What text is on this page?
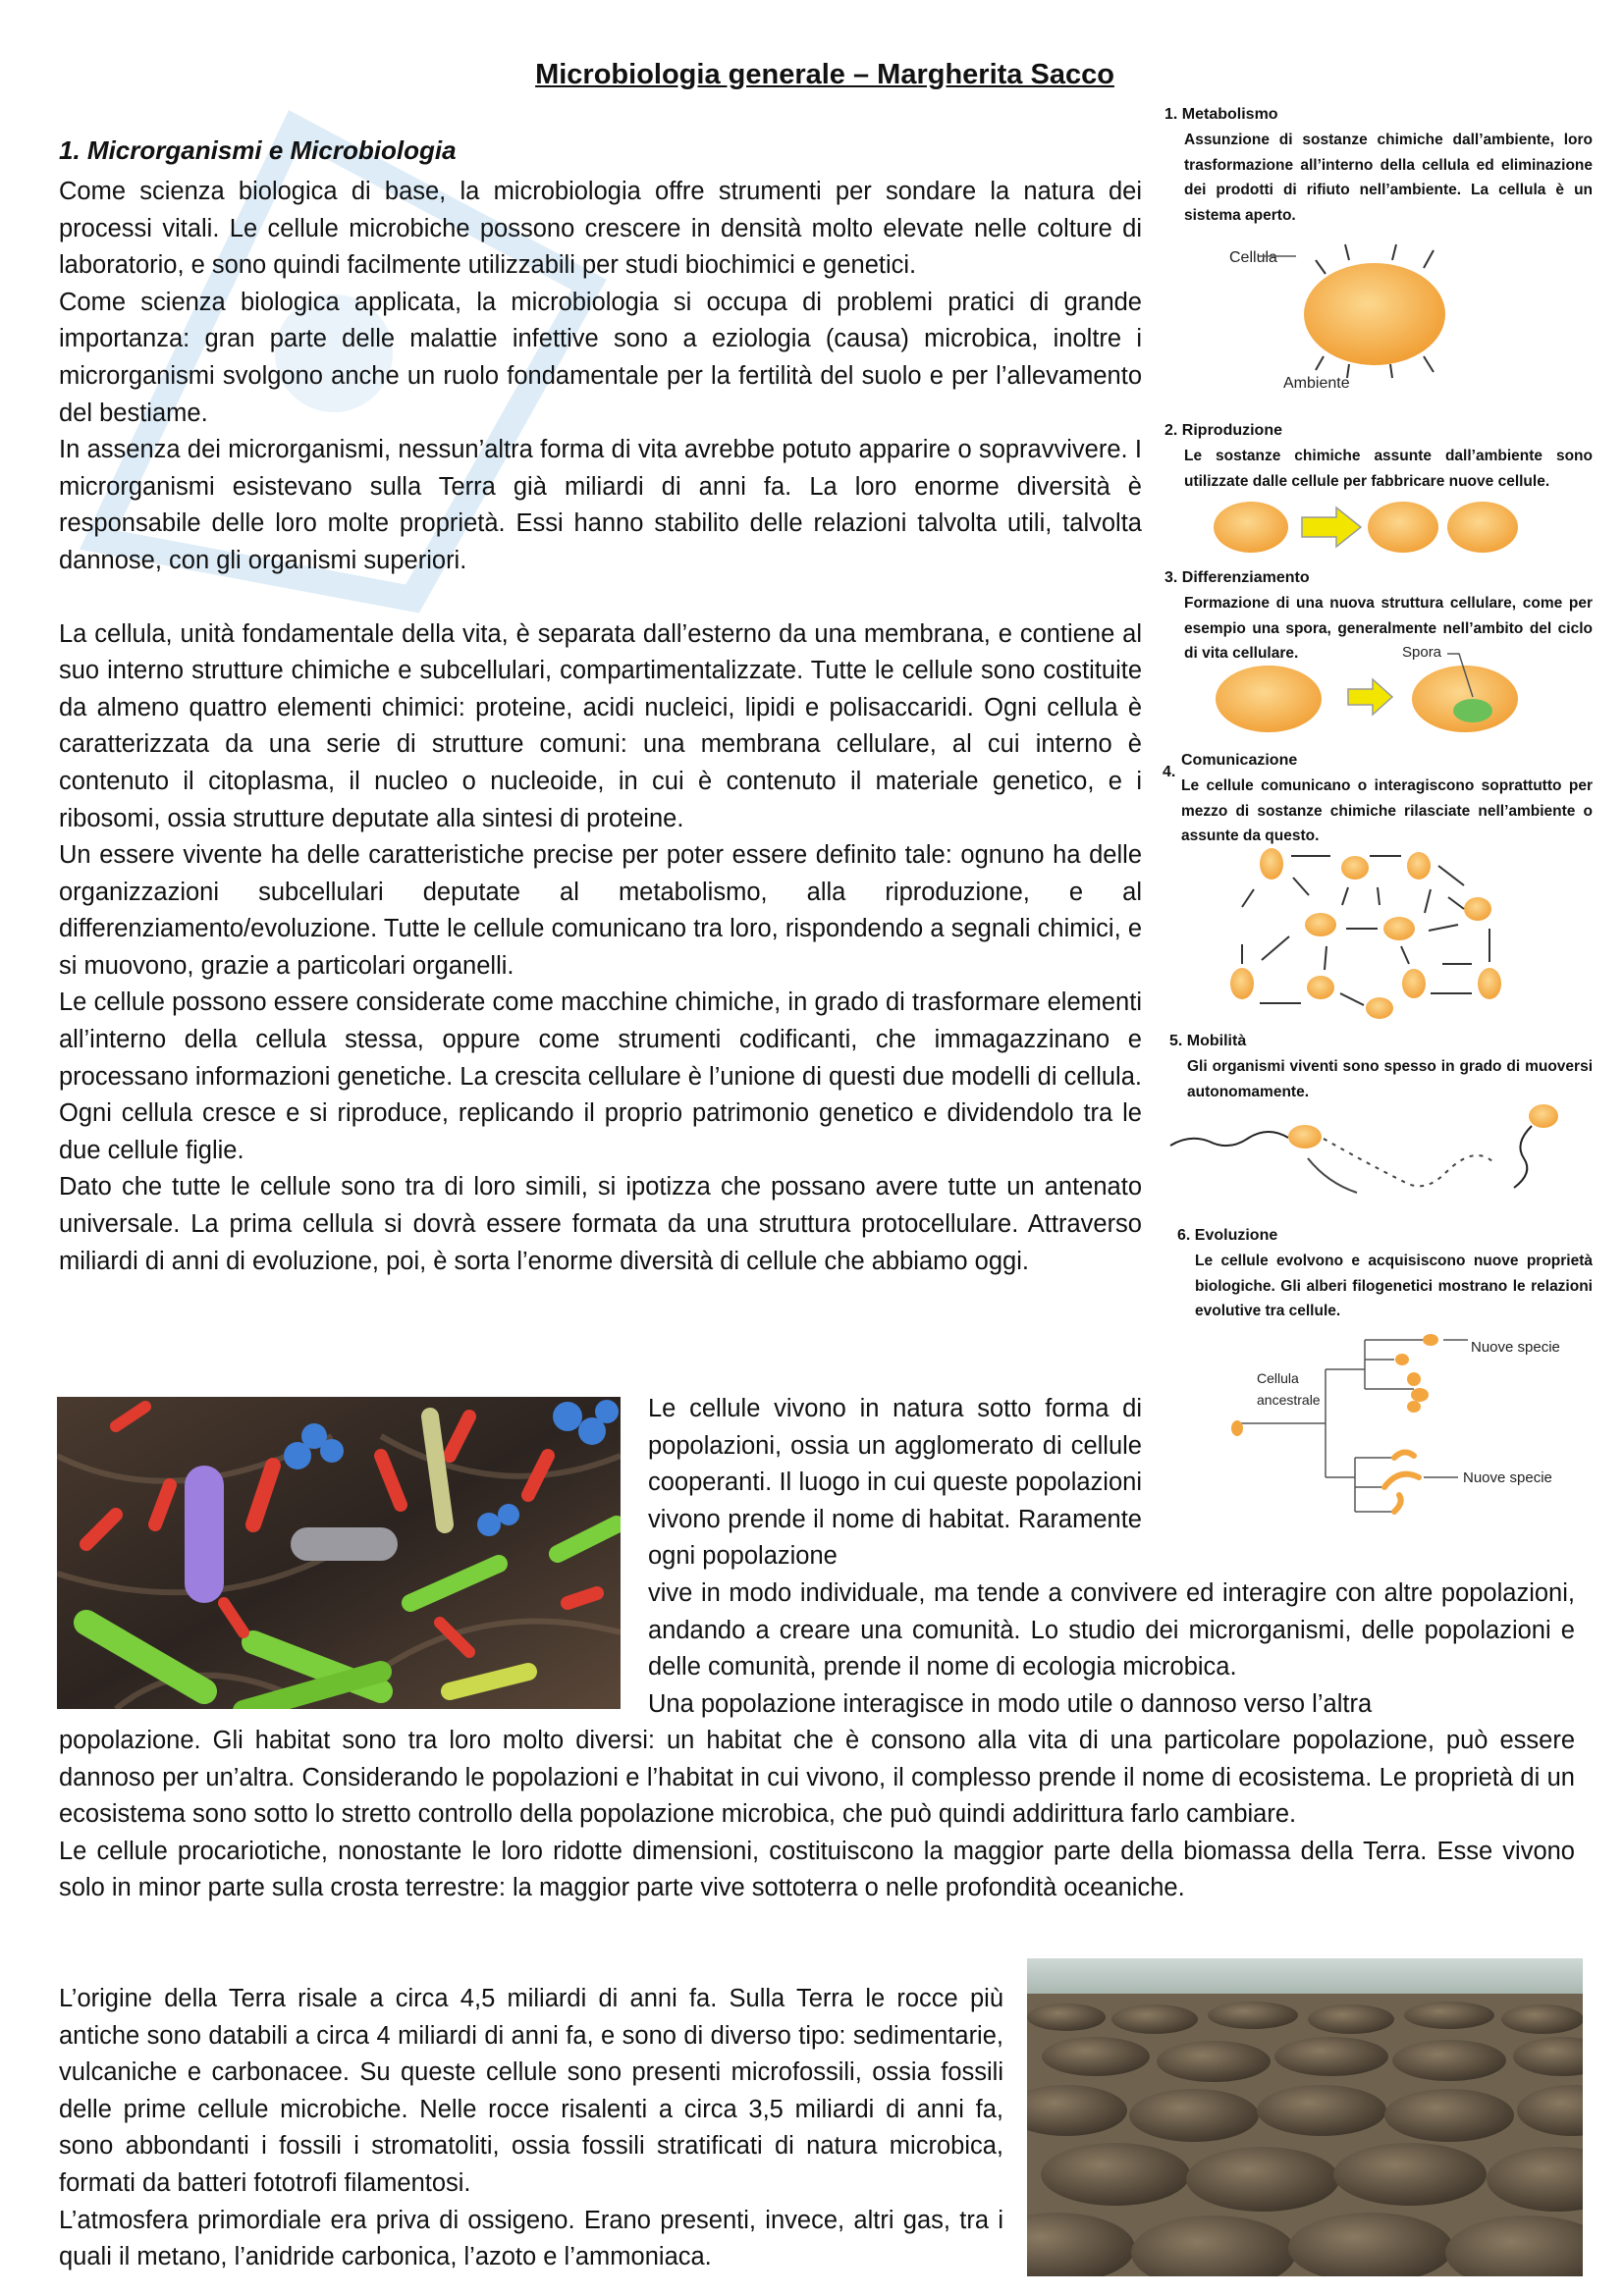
Microbiologia generale – Margherita Sacco
1. Microrganismi e Microbiologia

Come scienza biologica di base, la microbiologia offre strumenti per sondare la natura dei processi vitali. Le cellule microbiche possono crescere in densità molto elevate nelle colture di laboratorio, e sono quindi facilmente utilizzabili per studi biochimici e genetici.

Come scienza biologica applicata, la microbiologia si occupa di problemi pratici di grande importanza: gran parte delle malattie infettive sono a eziologia (causa) microbica, inoltre i microrganismi svolgono anche un ruolo fondamentale per la fertilità del suolo e per l’allevamento del bestiame.

In assenza dei microrganismi, nessun’altra forma di vita avrebbe potuto apparire o sopravvivere. I microrganismi esistevano sulla Terra già miliardi di anni fa. La loro enorme diversità è responsabile delle loro molte proprietà. Essi hanno stabilito delle relazioni talvolta utili, talvolta dannose, con gli organismi superiori.

La cellula, unità fondamentale della vita, è separata dall’esterno da una membrana, e contiene al suo interno strutture chimiche e subcellulari, compartimentalizzate. Tutte le cellule sono costituite da almeno quattro elementi chimici: proteine, acidi nucleici, lipidi e polisaccaridi. Ogni cellula è caratterizzata da una serie di strutture comuni: una membrana cellulare, al cui interno è contenuto il citoplasma, il nucleo o nucleoide, in cui è contenuto il materiale genetico, e i ribosomi, ossia strutture deputate alla sintesi di proteine.

Un essere vivente ha delle caratteristiche precise per poter essere definito tale: ognuno ha delle organizzazioni subcellulari deputate al metabolismo, alla riproduzione, e al differenziamento/evoluzione. Tutte le cellule comunicano tra loro, rispondendo a segnali chimici, e si muovono, grazie a particolari organelli.

Le cellule possono essere considerate come macchine chimiche, in grado di trasformare elementi all’interno della cellula stessa, oppure come strumenti codificanti, che immagazzinano e processano informazioni genetiche. La crescita cellulare è l’unione di questi due modelli di cellula. Ogni cellula cresce e si riproduce, replicando il proprio patrimonio genetico e dividendolo tra le due cellule figlie.

Dato che tutte le cellule sono tra di loro simili, si ipotizza che possano avere tutte un antenato universale. La prima cellula si dovrà essere formata da una struttura protocellulare. Attraverso miliardi di anni di evoluzione, poi, è sorta l’enorme diversità di cellule che abbiamo oggi.

Le cellule vivono in natura sotto forma di popolazioni, ossia un agglomerato di cellule cooperanti. Il luogo in cui queste popolazioni vivono prende il nome di habitat. Raramente ogni popolazione

vive in modo individuale, ma tende a convivere ed interagire con altre popolazioni, andando a creare una comunità. Lo studio dei microrganismi, delle popolazioni e delle comunità, prende il nome di ecologia microbica.

Una popolazione interagisce in modo utile o dannoso verso l’altra

popolazione. Gli habitat sono tra loro molto diversi: un habitat che è consono alla vita di una particolare popolazione, può essere dannoso per un’altra. Considerando le popolazioni e l’habitat in cui vivono, il complesso prende il nome di ecosistema. Le proprietà di un ecosistema sono sotto lo stretto controllo della popolazione microbica, che può quindi addirittura farlo cambiare.

Le cellule procariotiche, nonostante le loro ridotte dimensioni, costituiscono la maggior parte della biomassa della Terra. Esse vivono solo in minor parte sulla crosta terrestre: la maggior parte vive sottoterra o nelle profondità oceaniche.

L’origine della Terra risale a circa 4,5 miliardi di anni fa. Sulla Terra le rocce più antiche sono databili a circa 4 miliardi di anni fa, e sono di diverso tipo: sedimentarie, vulcaniche e carbonacee. Su queste cellule sono presenti microfossili, ossia fossili delle prime cellule microbiche. Nelle rocce risalenti a circa 3,5 miliardi di anni fa, sono abbondanti i fossili i stromatoliti, ossia fossili stratificati di natura microbica, formati da batteri fototrofi filamentosi.

L’atmosfera primordiale era priva di ossigeno. Erano presenti, invece, altri gas, tra i quali il metano, l’anidride carbonica, l’azoto e l’ammoniaca.

1. Metabolismo
Assunzione di sostanze chimiche dall’ambiente, loro trasformazione all’interno della cellula ed eliminazione dei prodotti di rifiuto nell’ambiente. La cellula è un sistema aperto.
Cellula
Ambiente
2. Riproduzione
Le sostanze chimiche assunte dall’ambiente sono utilizzate dalle cellule per fabbricare nuove cellule.
3. Differenziamento
Formazione di una nuova struttura cellulare, come per esempio una spora, generalmente nell’ambito del ciclo di vita cellulare.	Spora
4.
Comunicazione
Le cellule comunicano o interagiscono soprattutto per mezzo di sostanze chimiche rilasciate nell’ambiente o assunte da questo.
5. Mobilità
Gli organismi viventi sono spesso in grado di muoversi autonomamente.
6. Evoluzione
Le cellule evolvono e acquisiscono nuove proprietà biologiche. Gli alberi filogenetici mostrano le relazioni evolutive tra cellule.
Cellula
ancestrale
Nuove specie
Nuove specie
